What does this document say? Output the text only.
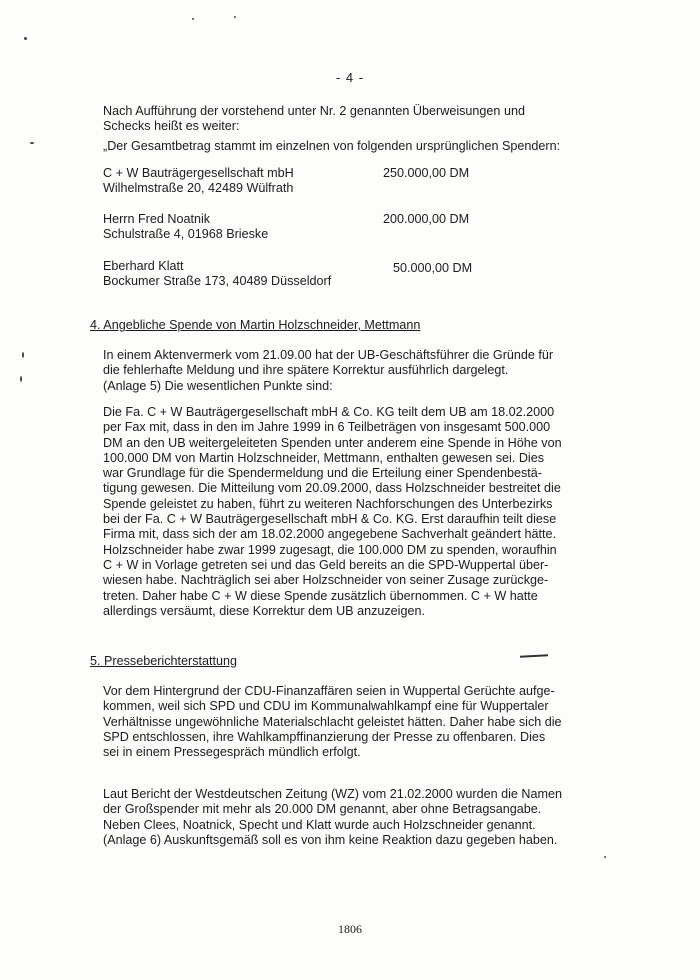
- 4 -

Nach Aufführung der vorstehend unter Nr. 2 genannten Überweisungen und

Schecks heißt es weiter:

„Der Gesamtbetrag stammt im einzelnen von folgenden ursprünglichen Spendern:

C + W Bauträgergesellschaft mbH
Wilhelmstraße 20, 42489 Wülfrath
250.000,00 DM
Herrn Fred Noatnik
Schulstraße 4, 01968 Brieske
200.000,00 DM
Eberhard Klatt
Bockumer Straße 173, 40489 Düsseldorf
50.000,00 DM
4. Angebliche Spende von Martin Holzschneider, Mettmann

In einem Aktenvermerk vom 21.09.00 hat der UB-Geschäftsführer die Gründe für

die fehlerhafte Meldung und ihre spätere Korrektur ausführlich dargelegt.

(Anlage 5) Die wesentlichen Punkte sind:

Die Fa. C + W Bauträgergesellschaft mbH & Co. KG teilt dem UB am 18.02.2000

per Fax mit, dass in den im Jahre 1999 in 6 Teilbeträgen von insgesamt 500.000

DM an den UB weitergeleiteten Spenden unter anderem eine Spende in Höhe von

100.000 DM von Martin Holzschneider, Mettmann, enthalten gewesen sei. Dies

war Grundlage für die Spendermeldung und die Erteilung einer Spendenbestä-

tigung gewesen. Die Mitteilung vom 20.09.2000, dass Holzschneider bestreitet die

Spende geleistet zu haben, führt zu weiteren Nachforschungen des Unterbezirks

bei der Fa. C + W Bauträgergesellschaft mbH & Co. KG. Erst daraufhin teilt diese

Firma mit, dass sich der am 18.02.2000 angegebene Sachverhalt geändert hätte.

Holzschneider habe zwar 1999 zugesagt, die 100.000 DM zu spenden, woraufhin

C + W in Vorlage getreten sei und das Geld bereits an die SPD-Wuppertal über-

wiesen habe. Nachträglich sei aber Holzschneider von seiner Zusage zurückge-

treten. Daher habe C + W diese Spende zusätzlich übernommen. C + W hatte

allerdings versäumt, diese Korrektur dem UB anzuzeigen.

5. Presseberichterstattung

Vor dem Hintergrund der CDU-Finanzaffären seien in Wuppertal Gerüchte aufge-

kommen, weil sich SPD und CDU im Kommunalwahlkampf eine für Wuppertaler

Verhältnisse ungewöhnliche Materialschlacht geleistet hätten. Daher habe sich die

SPD entschlossen, ihre Wahlkampffinanzierung der Presse zu offenbaren. Dies

sei in einem Pressegespräch mündlich erfolgt.

Laut Bericht der Westdeutschen Zeitung (WZ) vom 21.02.2000 wurden die Namen

der Großspender mit mehr als 20.000 DM genannt, aber ohne Betragsangabe.

Neben Clees, Noatnick, Specht und Klatt wurde auch Holzschneider genannt.

(Anlage 6) Auskunftsgemäß soll es von ihm keine Reaktion dazu gegeben haben.

1806
